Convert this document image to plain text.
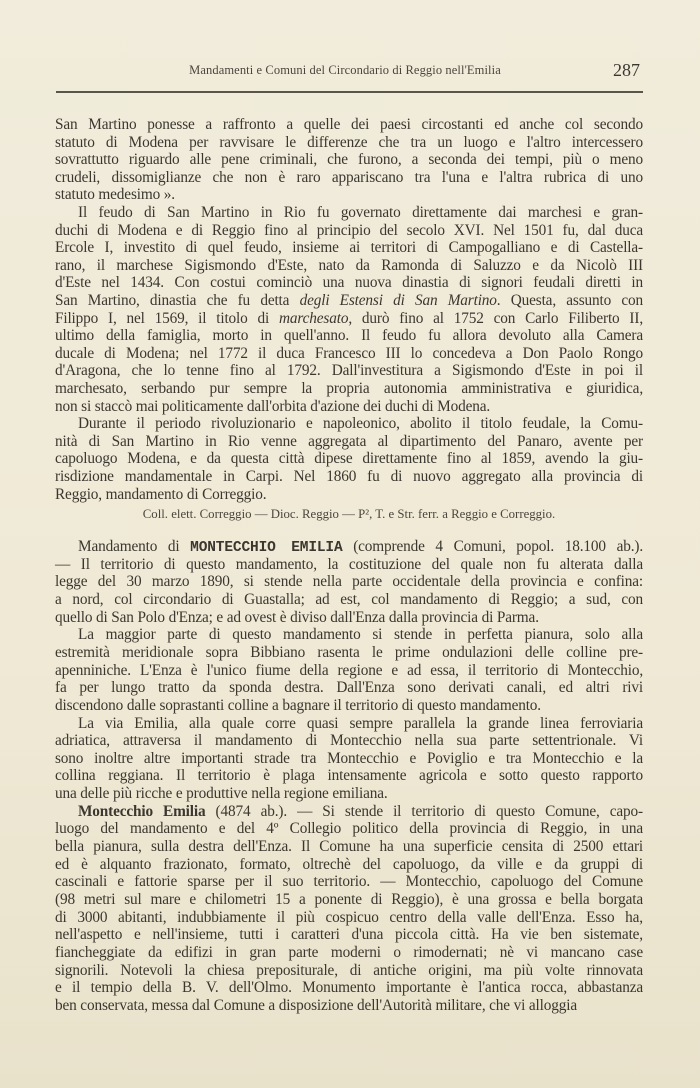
Mandamenti e Comuni del Circondario di Reggio nell'Emilia	287
San Martino ponesse a raffronto a quelle dei paesi circostanti ed anche col secondo
statuto di Modena per ravvisare le differenze che tra un luogo e l'altro intercessero
sovrattutto riguardo alle pene criminali, che furono, a seconda dei tempi, più o meno
crudeli, dissomiglianze che non è raro appariscano tra l'una e l'altra rubrica di uno
statuto medesimo ».
Il feudo di San Martino in Rio fu governato direttamente dai marchesi e gran-
duchi di Modena e di Reggio fino al principio del secolo XVI. Nel 1501 fu, dal duca
Ercole I, investito di quel feudo, insieme ai territori di Campogalliano e di Castella-
rano, il marchese Sigismondo d'Este, nato da Ramonda di Saluzzo e da Nicolò III
d'Este nel 1434. Con costui cominciò una nuova dinastia di signori feudali diretti in
San Martino, dinastia che fu detta degli Estensi di San Martino. Questa, assunto con
Filippo I, nel 1569, il titolo di marchesato, durò fino al 1752 con Carlo Filiberto II,
ultimo della famiglia, morto in quell'anno. Il feudo fu allora devoluto alla Camera
ducale di Modena; nel 1772 il duca Francesco III lo concedeva a Don Paolo Rongo
d'Aragona, che lo tenne fino al 1792. Dall'investitura a Sigismondo d'Este in poi il
marchesato, serbando pur sempre la propria autonomia amministrativa e giuridica,
non si staccò mai politicamente dall'orbita d'azione dei duchi di Modena.
Durante il periodo rivoluzionario e napoleonico, abolito il titolo feudale, la Comu-
nità di San Martino in Rio venne aggregata al dipartimento del Panaro, avente per
capoluogo Modena, e da questa città dipese direttamente fino al 1859, avendo la giu-
risdizione mandamentale in Carpi. Nel 1860 fu di nuovo aggregato alla provincia di
Reggio, mandamento di Correggio.
Coll. elett. Correggio — Dioc. Reggio — P², T. e Str. ferr. a Reggio e Correggio.
Mandamento di MONTECCHIO EMILIA (comprende 4 Comuni, popol. 18.100 ab.).
— Il territorio di questo mandamento, la costituzione del quale non fu alterata dalla
legge del 30 marzo 1890, si stende nella parte occidentale della provincia e confina:
a nord, col circondario di Guastalla; ad est, col mandamento di Reggio; a sud, con
quello di San Polo d'Enza; e ad ovest è diviso dall'Enza dalla provincia di Parma.
La maggior parte di questo mandamento si stende in perfetta pianura, solo alla
estremità meridionale sopra Bibbiano rasenta le prime ondulazioni delle colline pre-
apenniniche. L'Enza è l'unico fiume della regione e ad essa, il territorio di Montecchio,
fa per lungo tratto da sponda destra. Dall'Enza sono derivati canali, ed altri rivi
discendono dalle soprastanti colline a bagnare il territorio di questo mandamento.
La via Emilia, alla quale corre quasi sempre parallela la grande linea ferroviaria
adriatica, attraversa il mandamento di Montecchio nella sua parte settentrionale. Vi
sono inoltre altre importanti strade tra Montecchio e Poviglio e tra Montecchio e la
collina reggiana. Il territorio è plaga intensamente agricola e sotto questo rapporto
una delle più ricche e produttive nella regione emiliana.
Montecchio Emilia (4874 ab.). — Si stende il territorio di questo Comune, capo-
luogo del mandamento e del 4º Collegio politico della provincia di Reggio, in una
bella pianura, sulla destra dell'Enza. Il Comune ha una superficie censita di 2500 ettari
ed è alquanto frazionato, formato, oltrechè del capoluogo, da ville e da gruppi di
cascinali e fattorie sparse per il suo territorio. — Montecchio, capoluogo del Comune
(98 metri sul mare e chilometri 15 a ponente di Reggio), è una grossa e bella borgata
di 3000 abitanti, indubbiamente il più cospicuo centro della valle dell'Enza. Esso ha,
nell'aspetto e nell'insieme, tutti i caratteri d'una piccola città. Ha vie ben sistemate,
fiancheggiate da edifizi in gran parte moderni o rimodernati; nè vi mancano case
signorili. Notevoli la chiesa prepositurale, di antiche origini, ma più volte rinnovata
e il tempio della B. V. dell'Olmo. Monumento importante è l'antica rocca, abbastanza
ben conservata, messa dal Comune a disposizione dell'Autorità militare, che vi alloggia
